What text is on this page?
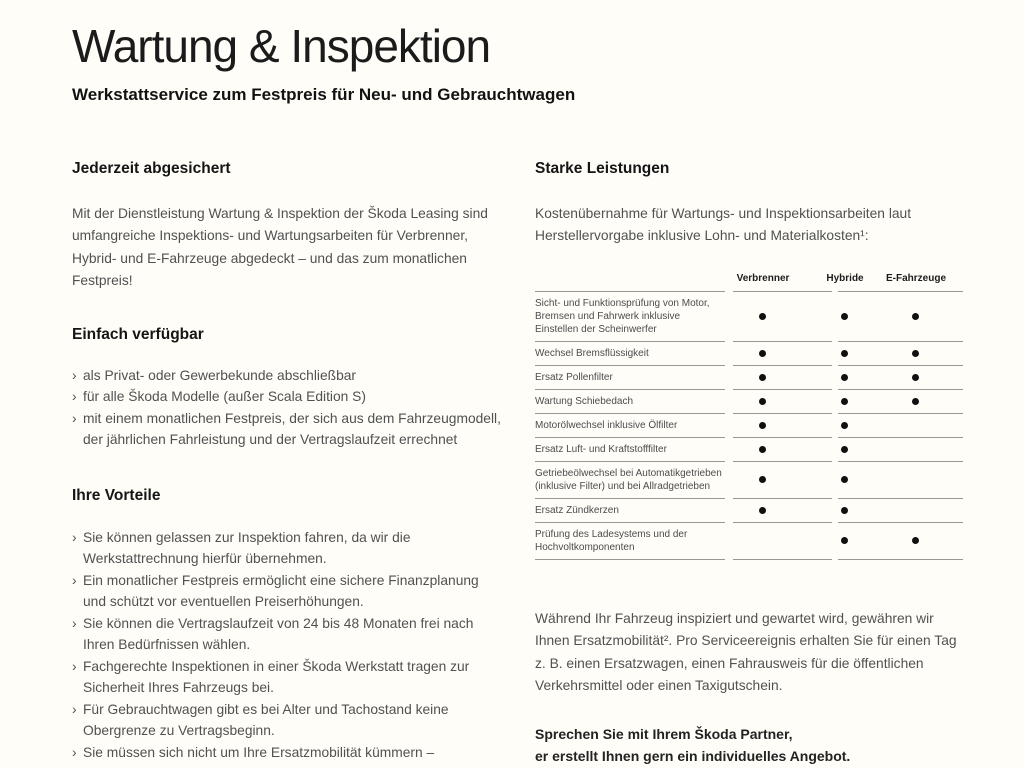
Wartung & Inspektion
Werkstattservice zum Festpreis für Neu- und Gebrauchtwagen
Jederzeit abgesichert

Mit der Dienstleistung Wartung & Inspektion der Škoda Leasing sind umfangreiche Inspektions- und Wartungsarbeiten für Verbrenner, Hybrid- und E-Fahrzeuge abgedeckt – und das zum monatlichen Festpreis!

Einfach verfügbar
› als Privat- oder Gewerbekunde abschließbar
› für alle Škoda Modelle (außer Scala Edition S)
› mit einem monatlichen Festpreis, der sich aus dem Fahrzeugmodell, der jährlichen Fahrleistung und der Vertragslaufzeit errechnet
Ihre Vorteile
› Sie können gelassen zur Inspektion fahren, da wir die Werkstattrechnung hierfür übernehmen.
› Ein monatlicher Festpreis ermöglicht eine sichere Finanzplanung und schützt vor eventuellen Preiserhöhungen.
› Sie können die Vertragslaufzeit von 24 bis 48 Monaten frei nach Ihren Bedürfnissen wählen.
› Fachgerechte Inspektionen in einer Škoda Werkstatt tragen zur Sicherheit Ihres Fahrzeugs bei.
› Für Gebrauchtwagen gibt es bei Alter und Tachostand keine Obergrenze zu Vertragsbeginn.
› Sie müssen sich nicht um Ihre Ersatzmobilität kümmern –
Starke Leistungen

Kostenübernahme für Wartungs- und Inspektionsarbeiten laut Herstellervorgabe inklusive Lohn- und Materialkosten¹:

Verbrenner	Hybride E-Fahrzeuge
Sicht- und Funktionsprüfung von Motor, Bremsen und Fahrwerk inklusive Einstellen der Scheinwerfer
Wechsel Bremsflüssigkeit
Ersatz Pollenfilter
Wartung Schiebedach
Motorölwechsel inklusive Ölfilter
Ersatz Luft- und Kraftstofffilter
Getriebeölwechsel bei Automatikgetrieben (inklusive Filter) und bei Allradgetrieben
Ersatz Zündkerzen
Prüfung des Ladesystems und der Hochvoltkomponenten

Während Ihr Fahrzeug inspiziert und gewartet wird, gewähren wir Ihnen Ersatzmobilität². Pro Serviceereignis erhalten Sie für einen Tag z. B. einen Ersatzwagen, einen Fahrausweis für die öffentlichen Verkehrsmittel oder einen Taxigutschein.

Sprechen Sie mit Ihrem Škoda Partner,
er erstellt Ihnen gern ein individuelles Angebot.
